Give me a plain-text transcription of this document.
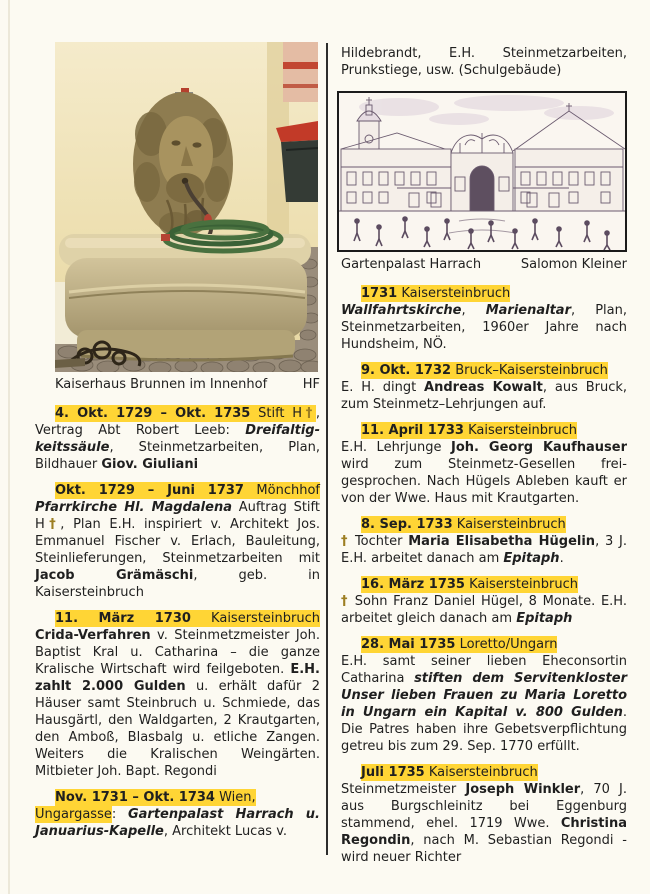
Kaiserhaus Brunnen im Innenhof	HF

4. Okt. 1729 – Okt. 1735 Stift H†, Vertrag Abt Robert Leeb: Dreifaltigkeitssäule, Steinmetzarbeiten, Plan, Bildhauer Giov. Giuliani

Okt. 1729 – Juni 1737 Mönchhof Pfarrkirche Hl. Magdalena Auftrag Stift H†, Plan E.H. inspiriert v. Architekt Jos. Emmanuel Fischer v. Erlach, Bauleitung, Steinlieferungen, Steinmetzarbeiten mit Jacob Grämäschi, geb. in Kaisersteinbruch

11. März 1730 Kaisersteinbruch Crida-Verfahren v. Steinmetzmeister Joh. Baptist Kral u. Catharina – die ganze Kralische Wirtschaft wird feilgeboten. E.H. zahlt 2.000 Gulden u. erhält dafür 2 Häuser samt Steinbruch u. Schmiede, das Hausgärtl, den Waldgarten, 2 Krautgarten, den Amboß, Blasbalg u. etliche Zangen. Weiters die Kralischen Weingärten. Mitbieter Joh. Bapt. Regondi

Nov. 1731 – Okt. 1734 Wien,
Ungargasse: Gartenpalast Harrach u. Januarius-Kapelle, Architekt Lucas v.

Hildebrandt, E.H. Steinmetzarbeiten, Prunkstiege, usw. (Schulgebäude)

Gartenpalast Harrach	Salomon Kleiner

1731 Kaisersteinbruch
Wallfahrtskirche, Marienaltar, Plan, Steinmetzarbeiten, 1960er Jahre nach Hundsheim, NÖ.

9. Okt. 1732 Bruck–Kaisersteinbruch
E. H. dingt Andreas Kowalt, aus Bruck, zum Steinmetz–Lehrjungen auf.

11. April 1733 Kaisersteinbruch
E.H. Lehrjunge Joh. Georg Kaufhauser wird zum Steinmetz-Gesellen freigesprochen. Nach Hügels Ableben kauft er von der Wwe. Haus mit Krautgarten.

8. Sep. 1733 Kaisersteinbruch
† Tochter Maria Elisabetha Hügelin, 3 J. E.H. arbeitet danach am Epitaph.

16. März 1735 Kaisersteinbruch
† Sohn Franz Daniel Hügel, 8 Monate. E.H. arbeitet gleich danach am Epitaph

28. Mai 1735 Loretto/Ungarn
E.H. samt seiner lieben Eheconsortin Catharina stiften dem Servitenkloster Unser lieben Frauen zu Maria Loretto in Ungarn ein Kapital v. 800 Gulden. Die Patres haben ihre Gebetsverpflichtung getreu bis zum 29. Sep. 1770 erfüllt.

Juli 1735 Kaisersteinbruch
Steinmetzmeister Joseph Winkler, 70 J. aus Burgschleinitz bei Eggenburg stammend, ehel. 1719 Wwe. Christina Regondin, nach M. Sebastian Regondi - wird neuer Richter
